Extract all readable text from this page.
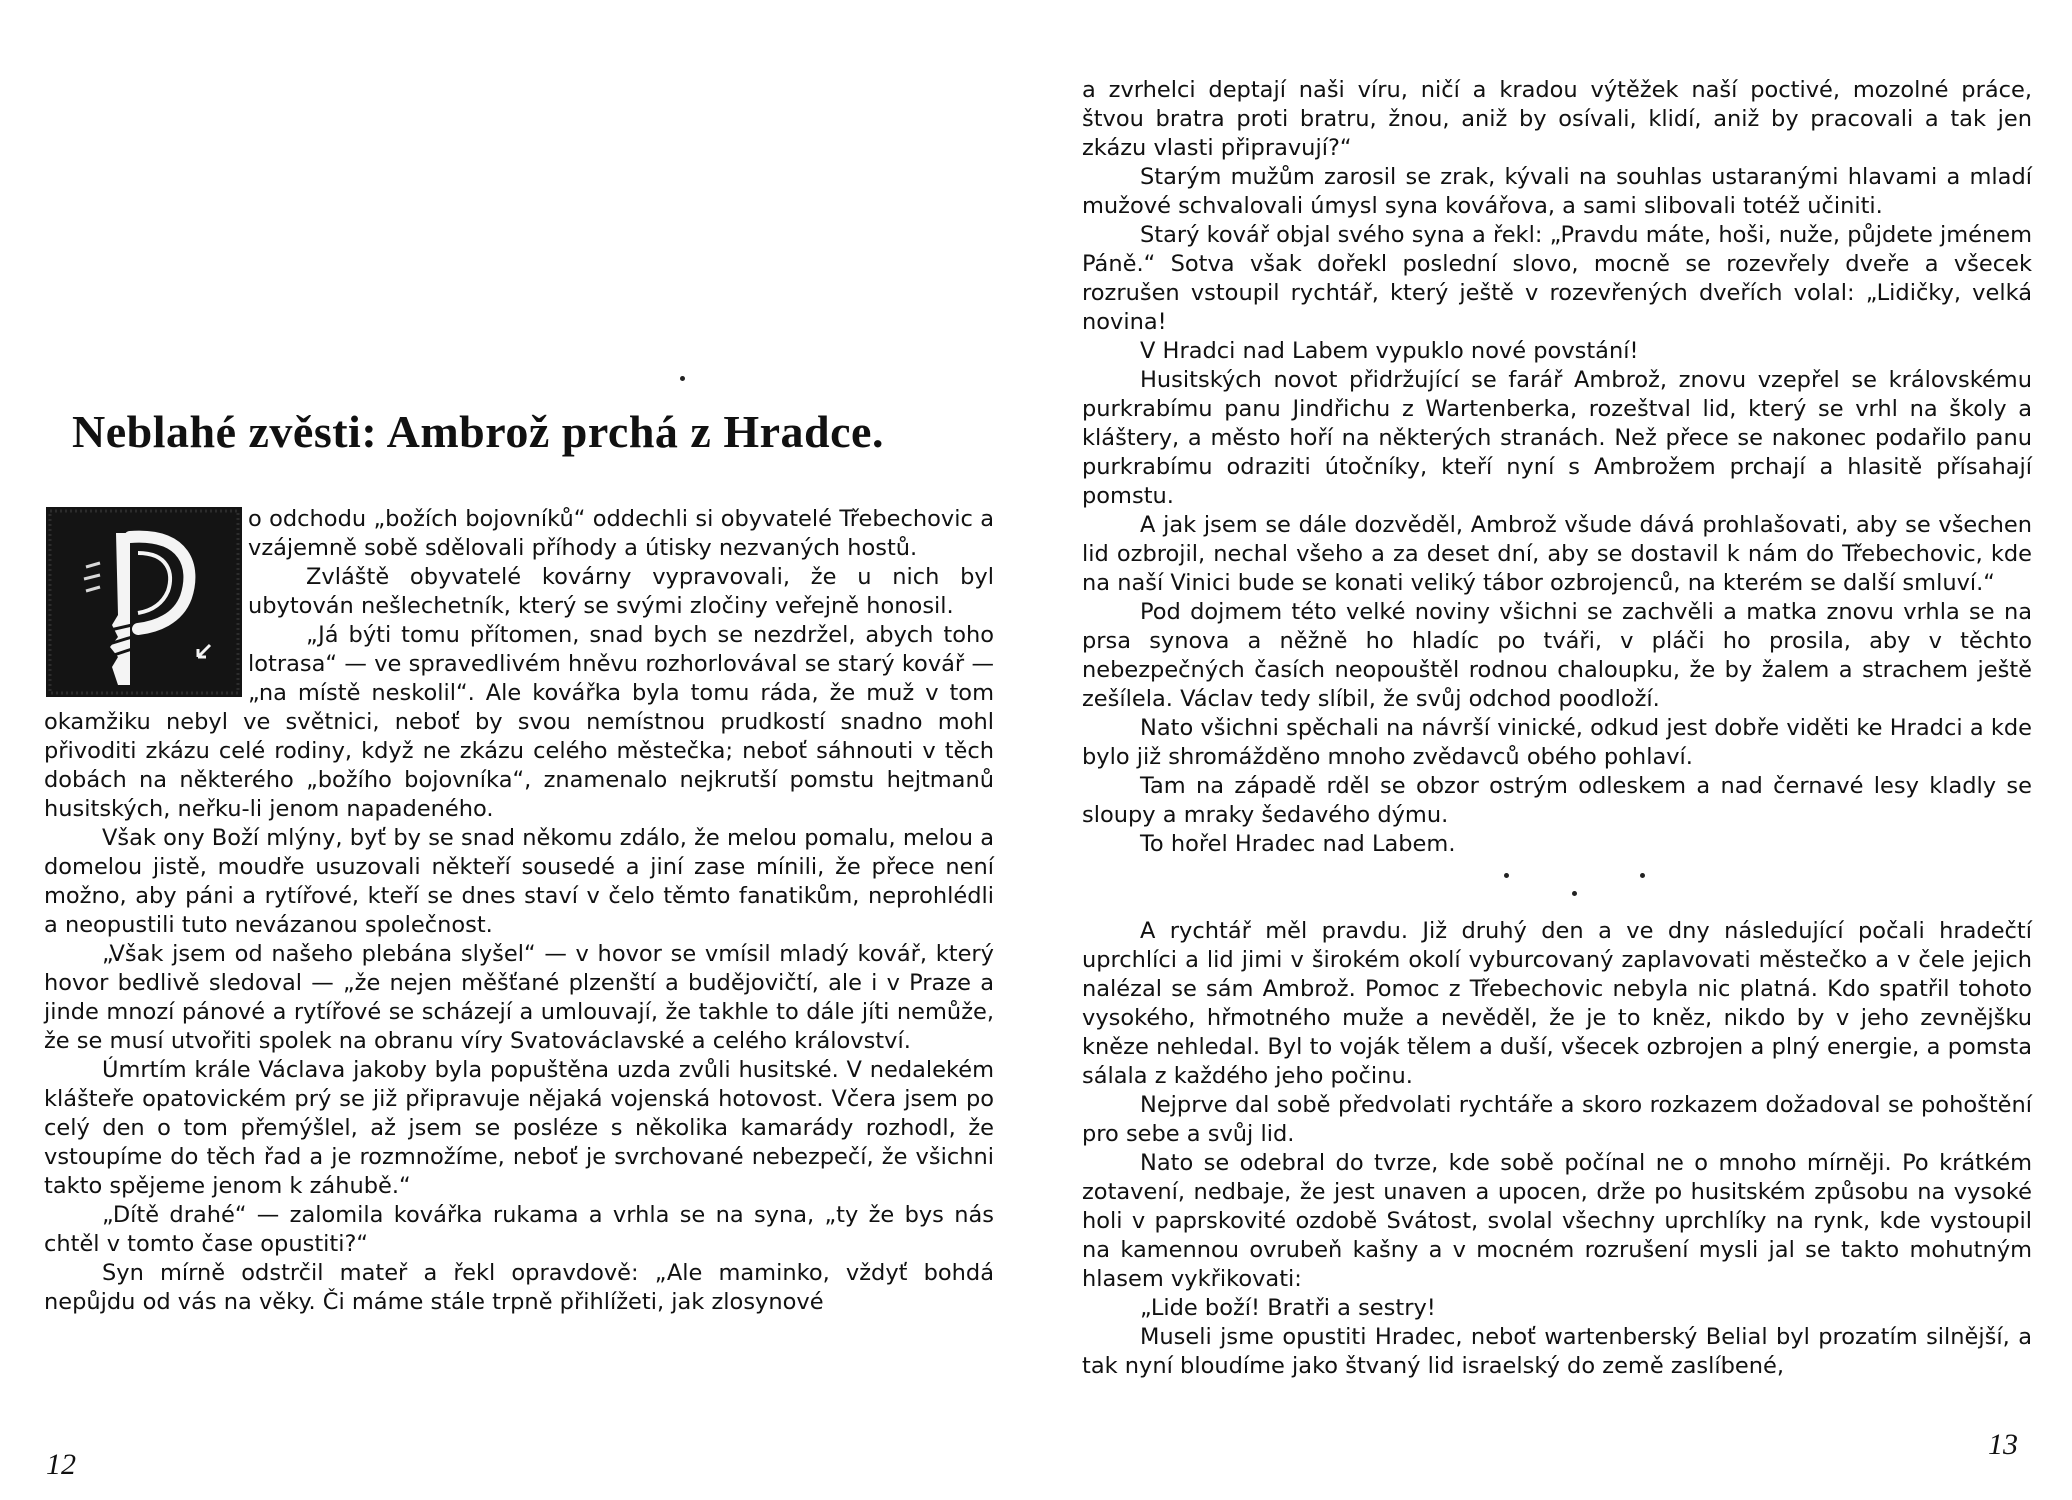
Neblahé zvěsti: Ambrož prchá z Hradce.

o odchodu „božích bojovníků“ oddechli si obyvatelé Třebechovic a vzájemně sobě sdělovali příhody a útisky nezvaných hostů.

Zvláště obyvatelé kovárny vypravovali, že u nich byl ubytován nešlechetník, který se svými zločiny veřejně honosil.

„Já býti tomu přítomen, snad bych se nezdržel, abych toho lotrasa“ — ve spravedlivém hněvu rozhorlovával se starý kovář — „na místě neskolil“. Ale kovářka byla tomu ráda, že muž v tom okamžiku nebyl ve světnici, neboť by svou nemístnou prudkostí snadno mohl přivoditi zkázu celé rodiny, když ne zkázu celého městečka; neboť sáhnouti v těch dobách na některého „božího bojovníka“, znamenalo nejkrutší pomstu hejtmanů husitských, neřku-li jenom napadeného.

Však ony Boží mlýny, byť by se snad někomu zdálo, že melou pomalu, melou a domelou jistě, moudře usuzovali někteří sousedé a jiní zase mínili, že přece není možno, aby páni a rytířové, kteří se dnes staví v čelo těmto fanatikům, neprohlédli a neopustili tuto nevázanou společnost.

„Však jsem od našeho plebána slyšel“ — v hovor se vmísil mladý kovář, který hovor bedlivě sledoval — „že nejen měšťané plzenští a budějovičtí, ale i v Praze a jinde mnozí pánové a rytířové se scházejí a umlouvají, že takhle to dále jíti nemůže, že se musí utvořiti spolek na obranu víry Svatováclavské a celého království.

Úmrtím krále Václava jakoby byla popuštěna uzda zvůli husitské. V nedalekém klášteře opatovickém prý se již připravuje nějaká vojenská hotovost. Včera jsem po celý den o tom přemýšlel, až jsem se posléze s několika kamarády rozhodl, že vstoupíme do těch řad a je rozmnožíme, neboť je svrchované nebezpečí, že všichni takto spějeme jenom k záhubě.“

„Dítě drahé“ — zalomila kovářka rukama a vrhla se na syna, „ty že bys nás chtěl v tomto čase opustiti?“

Syn mírně odstrčil mateř a řekl opravdově: „Ale maminko, vždyť bohdá nepůjdu od vás na věky. Či máme stále trpně přihlížeti, jak zlosynové

12

a zvrhelci deptají naši víru, ničí a kradou výtěžek naší poctivé, mozolné práce, štvou bratra proti bratru, žnou, aniž by osívali, klidí, aniž by pracovali a tak jen zkázu vlasti připravují?“

Starým mužům zarosil se zrak, kývali na souhlas ustaranými hlavami a mladí mužové schvalovali úmysl syna kovářova, a sami slibovali totéž učiniti.

Starý kovář objal svého syna a řekl: „Pravdu máte, hoši, nuže, půjdete jménem Páně.“ Sotva však dořekl poslední slovo, mocně se rozevřely dveře a všecek rozrušen vstoupil rychtář, který ještě v rozevřených dveřích volal: „Lidičky, velká novina!

V Hradci nad Labem vypuklo nové povstání!

Husitských novot přidržující se farář Ambrož, znovu vzepřel se královskému purkrabímu panu Jindřichu z Wartenberka, rozeštval lid, který se vrhl na školy a kláštery, a město hoří na některých stranách. Než přece se nakonec podařilo panu purkrabímu odraziti útočníky, kteří nyní s Ambrožem prchají a hlasitě přísahají pomstu.

A jak jsem se dále dozvěděl, Ambrož všude dává prohlašovati, aby se všechen lid ozbrojil, nechal všeho a za deset dní, aby se dostavil k nám do Třebechovic, kde na naší Vinici bude se konati veliký tábor ozbrojenců, na kterém se další smluví.“

Pod dojmem této velké noviny všichni se zachvěli a matka znovu vrhla se na prsa synova a něžně ho hladíc po tváři, v pláči ho prosila, aby v těchto nebezpečných časích neopouštěl rodnou chaloupku, že by žalem a strachem ještě zešílela. Václav tedy slíbil, že svůj odchod poodloží.

Nato všichni spěchali na návrší vinické, odkud jest dobře viděti ke Hradci a kde bylo již shromážděno mnoho zvědavců obého pohlaví.

Tam na západě rděl se obzor ostrým odleskem a nad černavé lesy kladly se sloupy a mraky šedavého dýmu.

To hořel Hradec nad Labem.

A rychtář měl pravdu. Již druhý den a ve dny následující počali hradečtí uprchlíci a lid jimi v širokém okolí vyburcovaný zaplavovati městečko a v čele jejich nalézal se sám Ambrož. Pomoc z Třebechovic nebyla nic platná. Kdo spatřil tohoto vysokého, hřmotného muže a nevěděl, že je to kněz, nikdo by v jeho zevnějšku kněze nehledal. Byl to voják tělem a duší, všecek ozbrojen a plný energie, a pomsta sálala z každého jeho počinu.

Nejprve dal sobě předvolati rychtáře a skoro rozkazem dožadoval se pohoštění pro sebe a svůj lid.

Nato se odebral do tvrze, kde sobě počínal ne o mnoho mírněji. Po krátkém zotavení, nedbaje, že jest unaven a upocen, drže po husitském způsobu na vysoké holi v paprskovité ozdobě Svátost, svolal všechny uprchlíky na rynk, kde vystoupil na kamennou ovrubeň kašny a v mocném rozrušení mysli jal se takto mohutným hlasem vykřikovati:

„Lide boží! Bratři a sestry!

Museli jsme opustiti Hradec, neboť wartenberský Belial byl prozatím silnější, a tak nyní bloudíme jako štvaný lid israelský do země zaslíbené,

13
